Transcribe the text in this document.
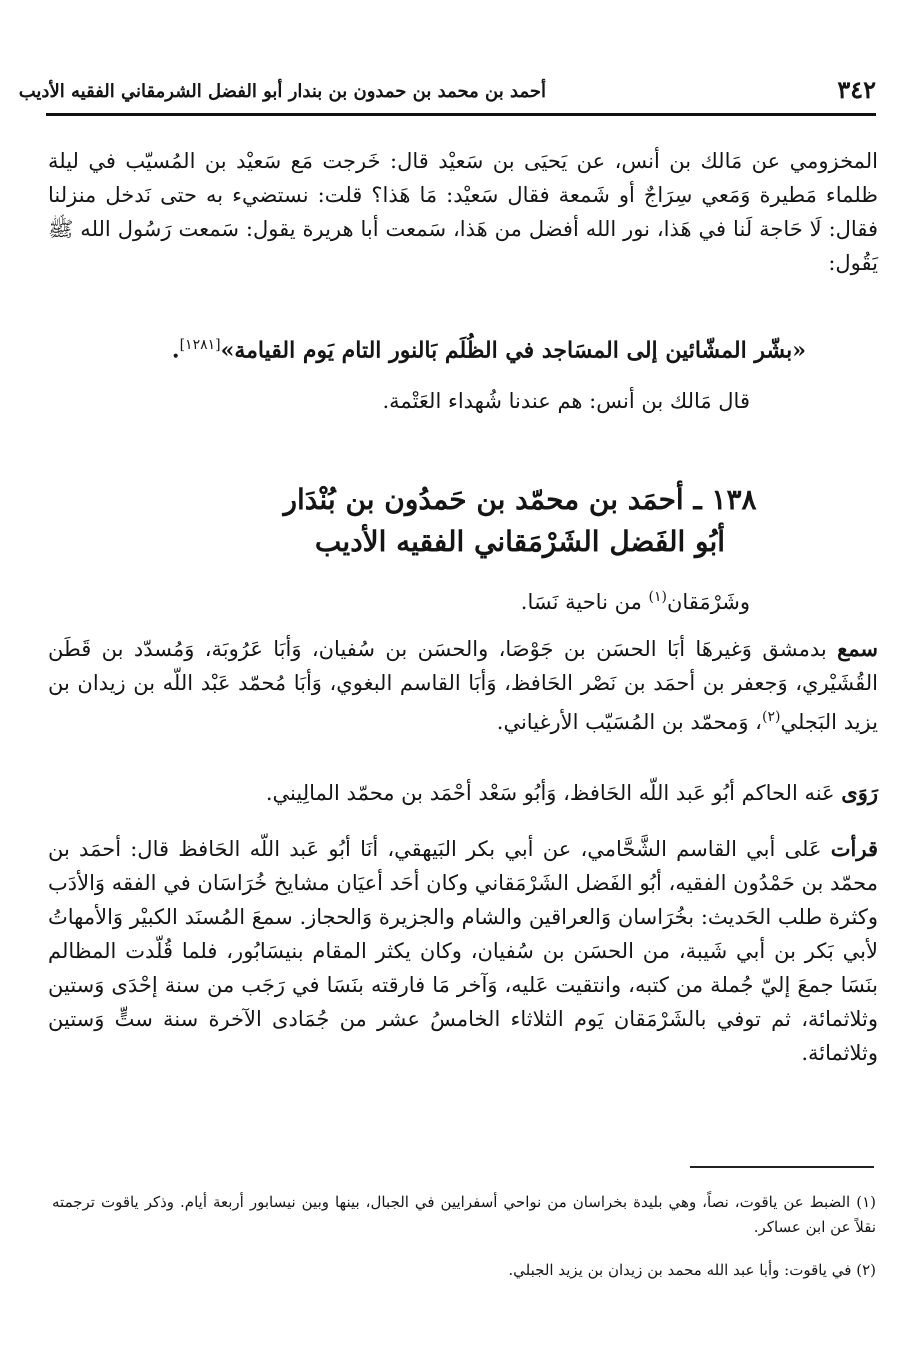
٣٤٢
أحمد بن محمد بن حمدون بن بندار أبو الفضل الشرمقاني الفقيه الأديب
المخزومي عن مَالك بن أنس، عن يَحيَى بن سَعيْد قال: خَرجت مَع سَعيْد بن المُسيّب في ليلة ظلماء مَطيرة وَمَعي سِرَاجٌ أو شَمعة فقال سَعيْد: مَا هَذا؟ قلت: نستضيء به حتى نَدخل منزلنا فقال: لَا حَاجة لَنا في هَذا، نور الله أفضل من هَذا، سَمعت أبا هريرة يقول: سَمعت رَسُول الله ﷺ يَقُول:
«بشّر المشّائين إلى المسَاجد في الظُلَم بَالنور التام يَوم القيامة»[١٢٨١].
قال مَالك بن أنس: هم عندنا شُهداء العَتْمة.
١٣٨ ـ أحمَد بن محمّد بن حَمدُون بن بُنْدَار
أبُو الفَضل الشَرْمَقاني الفقيه الأديب
وشَرْمَقان$^{(١)}$ من ناحية نَسَا.
سمع بدمشق وَغيرهَا أبَا الحسَن بن جَوْصَا، والحسَن بن سُفيان، وَأبَا عَرُوبَة، وَمُسدّد بن قَطَن القُشَيْري، وَجعفر بن أحمَد بن نَصْر الحَافظ، وَأبَا القاسم البغوي، وَأبَا مُحمّد عَبْد اللّه بن زيدان بن يزيد البَجلي$^{(٢)}$، وَمحمّد بن المُسَيّب الأرغياني.
رَوَى عَنه الحاكم أبُو عَبد اللّه الحَافظ، وَأبُو سَعْد أحْمَد بن محمّد المالِيني.
قرأت عَلى أبي القاسم الشَّحَّامي، عن أبي بكر البَيهقي، أنَا أبُو عَبد اللّه الحَافظ قال: أحمَد بن محمّد بن حَمْدُون الفقيه، أبُو الفَضل الشَرْمَقاني وكان أحَد أعيَان مشايخ خُرَاسَان في الفقه وَالأدَب وكثرة طلب الحَديث: بخُرَاسان وَالعراقين والشام والجزيرة وَالحجاز. سمعَ المُسنَد الكبيْر وَالأمهاتُ لأبي بَكر بن أبي شَيبة، من الحسَن بن سُفيان، وكان يكثر المقام بنيسَابُور، فلما قُلّدت المظالم بنَسَا جمعَ إليّ جُملة من كتبه، وانتقيت عَليه، وَآخر مَا فارقته بنَسَا في رَجَب من سنة إحْدَى وَستين وثلاثمائة، ثم توفي بالشَرْمَقان يَوم الثلاثاء الخامسُ عشر من جُمَادى الآخرة سنة ستٍّ وَستين وثلاثمائة.
(١) الضبط عن ياقوت، نصاً، وهي بليدة بخراسان من نواحي أسفرايين في الجبال، بينها وبين نيسابور أربعة أيام. وذكر ياقوت ترجمته نقلاً عن ابن عساكر.
(٢) في ياقوت: وأبا عبد الله محمد بن زيدان بن يزيد الجبلي.
